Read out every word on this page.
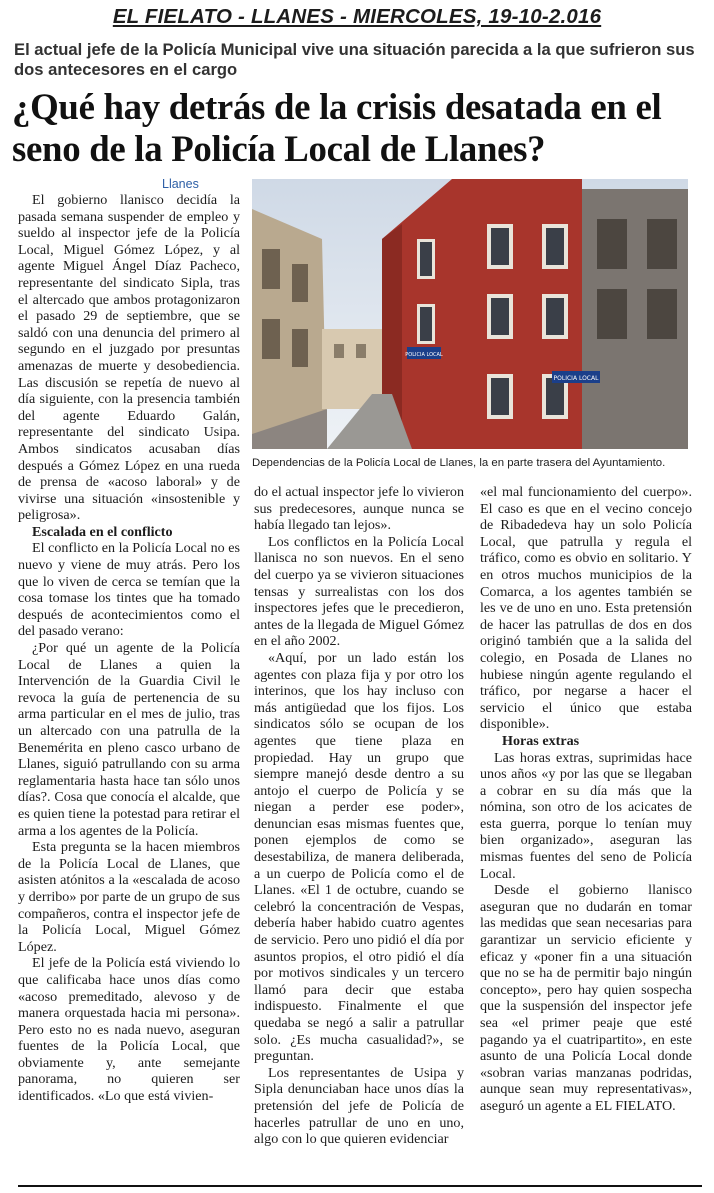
EL FIELATO - LLANES - MIERCOLES, 19-10-2.016
El actual jefe de la Policía Municipal vive una situación parecida a la que sufrieron sus dos antecesores en el cargo
¿Qué hay detrás de la crisis desatada en el seno de la Policía Local de Llanes?
POLICIA LOCAL
POLICIA LOCAL
Dependencias de la Policía Local de Llanes, la en parte trasera del Ayuntamiento.

Llanes

El gobierno llanisco decidía la pasada semana suspender de empleo y sueldo al inspector jefe de la Policía Local, Miguel Gómez López, y al agente Miguel Ángel Díaz Pacheco, representante del sindicato Sipla, tras el altercado que ambos protagonizaron el pasado 29 de septiembre, que se saldó con una denuncia del primero al segundo en el juzgado por presuntas amenazas de muerte y desobediencia. Las discusión se repetía de nuevo al día siguiente, con la presencia también del agente Eduardo Galán, representante del sindicato Usipa. Ambos sindicatos acusaban días después a Gómez López en una rueda de prensa de «acoso laboral» y de vivirse una situación «insostenible y peligrosa».

Escalada en el conflicto

El conflicto en la Policía Local no es nuevo y viene de muy atrás. Pero los que lo viven de cerca se temían que la cosa tomase los tintes que ha tomado después de acontecimientos como el del pasado verano:

¿Por qué un agente de la Policía Local de Llanes a quien la Intervención de la Guardia Civil le revoca la guía de pertenencia de su arma particular en el mes de julio, tras un altercado con una patrulla de la Benemérita en pleno casco urbano de Llanes, siguió patrullando con su arma reglamentaria hasta hace tan sólo unos días?. Cosa que conocía el alcalde, que es quien tiene la potestad para retirar el arma a los agentes de la Policía.

Esta pregunta se la hacen miembros de la Policía Local de Llanes, que asisten atónitos a la «escalada de acoso y derribo» por parte de un grupo de sus compañeros, contra el inspector jefe de la Policía Local, Miguel Gómez López.

El jefe de la Policía está viviendo lo que calificaba hace unos días como «acoso premeditado, alevoso y de manera orquestada hacia mi persona». Pero esto no es nada nuevo, aseguran fuentes de la Policía Local, que obviamente y, ante semejante panorama, no quieren ser identificados. «Lo que está vivien-

do el actual inspector jefe lo vivieron sus predecesores, aunque nunca se había llegado tan lejos».

Los conflictos en la Policía Local llanisca no son nuevos. En el seno del cuerpo ya se vivieron situaciones tensas y surrealistas con los dos inspectores jefes que le precedieron, antes de la llegada de Miguel Gómez en el año 2002.

«Aquí, por un lado están los agentes con plaza fija y por otro los interinos, que los hay incluso con más antigüedad que los fijos. Los sindicatos sólo se ocupan de los agentes que tiene plaza en propiedad. Hay un grupo que siempre manejó desde dentro a su antojo el cuerpo de Policía y se niegan a perder ese poder», denuncian esas mismas fuentes que, ponen ejemplos de como se desestabiliza, de manera deliberada, a un cuerpo de Policía como el de Llanes. «El 1 de octubre, cuando se celebró la concentración de Vespas, debería haber habido cuatro agentes de servicio. Pero uno pidió el día por asuntos propios, el otro pidió el día por motivos sindicales y un tercero llamó para decir que estaba indispuesto. Finalmente el que quedaba se negó a salir a patrullar solo. ¿Es mucha casualidad?», se preguntan.

Los representantes de Usipa y Sipla denunciaban hace unos días la pretensión del jefe de Policía de hacerles patrullar de uno en uno, algo con lo que quieren evidenciar

«el mal funcionamiento del cuerpo». El caso es que en el vecino concejo de Ribadedeva hay un solo Policía Local, que patrulla y regula el tráfico, como es obvio en solitario. Y en otros muchos municipios de la Comarca, a los agentes también se les ve de uno en uno. Esta pretensión de hacer las patrullas de dos en dos originó también que a la salida del colegio, en Posada de Llanes no hubiese ningún agente regulando el tráfico, por negarse a hacer el servicio el único que estaba disponible».

Horas extras

Las horas extras, suprimidas hace unos años «y por las que se llegaban a cobrar en su día más que la nómina, son otro de los acicates de esta guerra, porque lo tenían muy bien organizado», aseguran las mismas fuentes del seno de Policía Local.

Desde el gobierno llanisco aseguran que no dudarán en tomar las medidas que sean necesarias para garantizar un servicio eficiente y eficaz y «poner fin a una situación que no se ha de permitir bajo ningún concepto», pero hay quien sospecha que la suspensión del inspector jefe sea «el primer peaje que esté pagando ya el cuatripartito», en este asunto de una Policía Local donde «sobran varias manzanas podridas, aunque sean muy representativas», aseguró un agente a EL FIELATO.
